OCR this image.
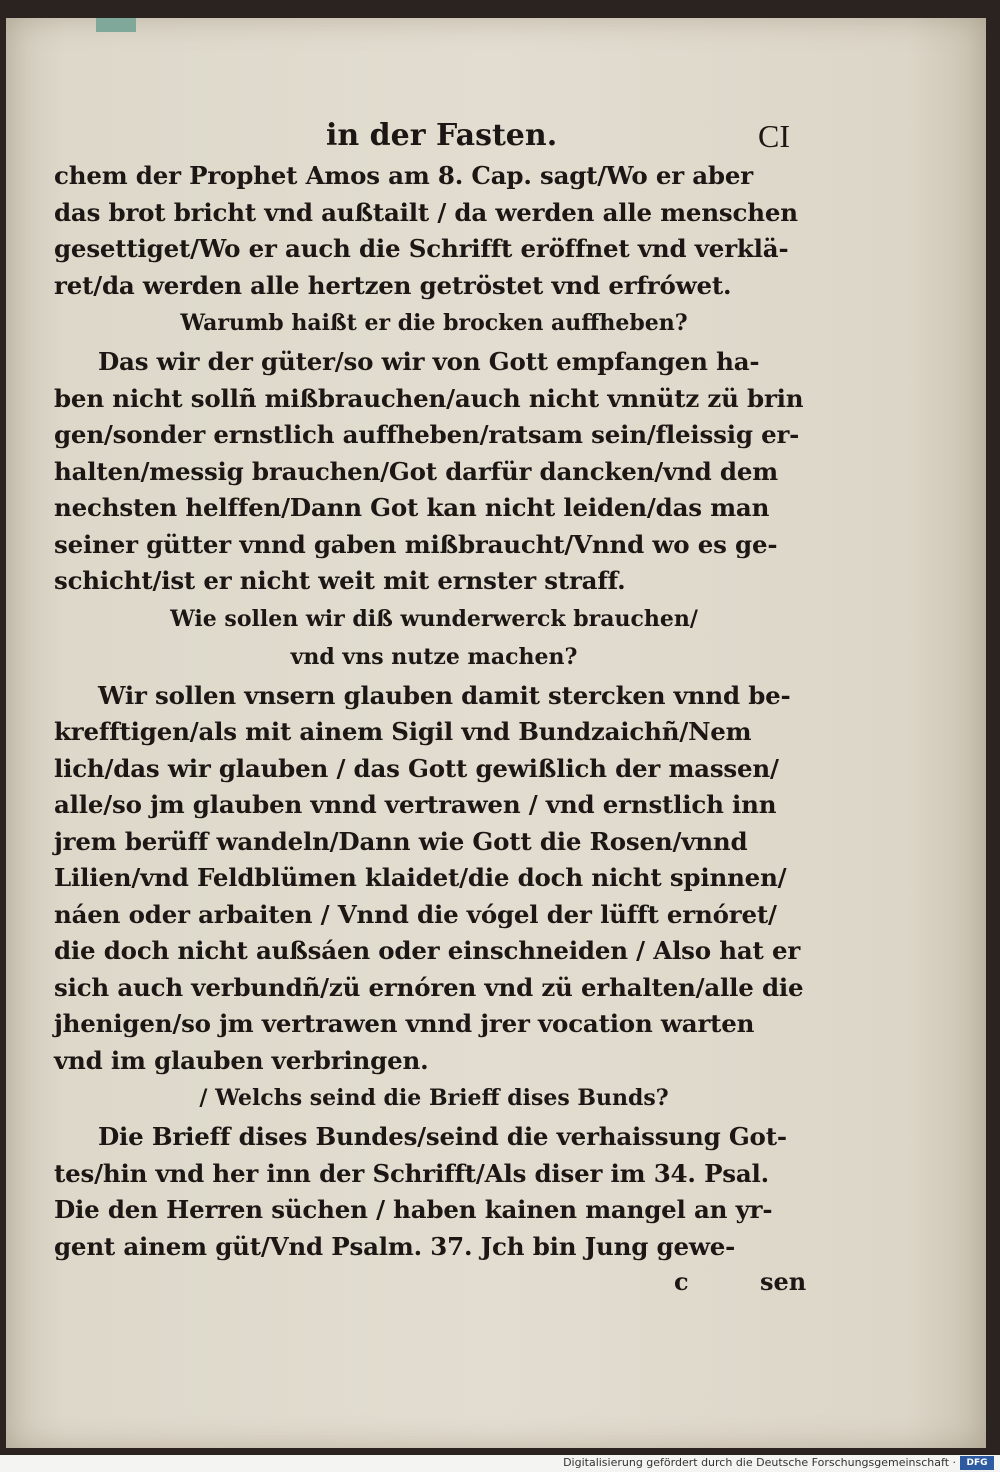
in der Fasten.	CI
chem der Prophet Amos am 8. Cap. sagt/Wo er aber
das brot bricht vnd außtailt / da werden alle menschen
gesettiget/Wo er auch die Schrifft eröffnet vnd verklä-
ret/da werden alle hertzen getröstet vnd erfrówet.
Warumb haißt er die brocken auffheben?
Das wir der güter/so wir von Gott empfangen ha-
ben nicht sollñ mißbrauchen/auch nicht vnnütz zü brin
gen/sonder ernstlich auffheben/ratsam sein/fleissig er-
halten/messig brauchen/Got darfür dancken/vnd dem
nechsten helffen/Dann Got kan nicht leiden/das man
seiner gütter vnnd gaben mißbraucht/Vnnd wo es ge-
schicht/ist er nicht weit mit ernster straff.
Wie sollen wir diß wunderwerck brauchen/
vnd vns nutze machen?
Wir sollen vnsern glauben damit stercken vnnd be-
krefftigen/als mit ainem Sigil vnd Bundzaichñ/Nem
lich/das wir glauben / das Gott gewißlich der massen/
alle/so jm glauben vnnd vertrawen / vnd ernstlich inn
jrem berüff wandeln/Dann wie Gott die Rosen/vnnd
Lilien/vnd Feldblümen klaidet/die doch nicht spinnen/
náen oder arbaiten / Vnnd die vógel der lüfft ernóret/
die doch nicht außsáen oder einschneiden / Also hat er
sich auch verbundñ/zü ernóren vnd zü erhalten/alle die
jhenigen/so jm vertrawen vnnd jrer vocation warten
vnd im glauben verbringen.
/ Welchs seind die Brieff dises Bunds?
Die Brieff dises Bundes/seind die verhaissung Got-
tes/hin vnd her inn der Schrifft/Als diser im 34. Psal.
Die den Herren süchen / haben kainen mangel an yr-
gent ainem güt/Vnd Psalm. 37. Jch bin Jung gewe-
c	sen
Digitalisierung gefördert durch die Deutsche Forschungsgemeinschaft ·	DFG
